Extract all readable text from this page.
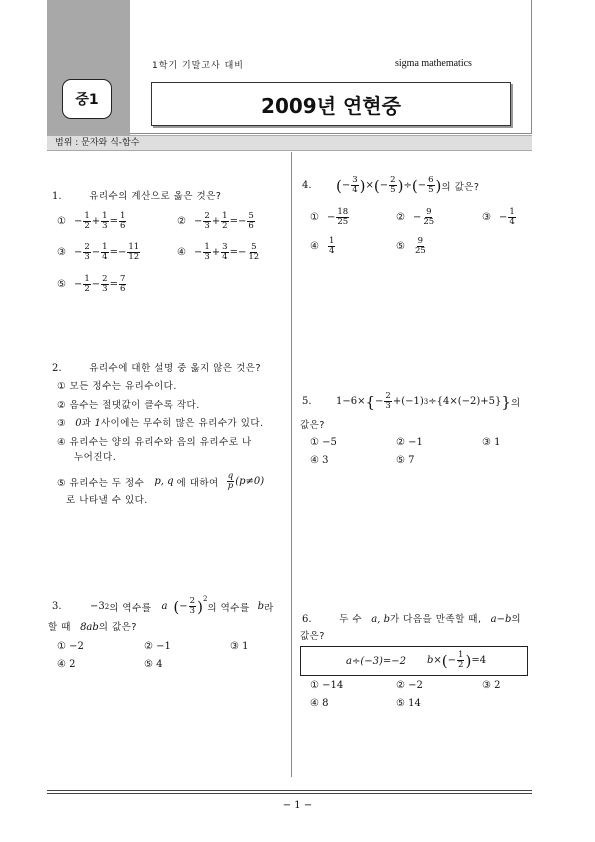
1학기 기말고사 대비	sigma mathematics
중1	2009년 연현중
범위 : 문자와 식-함수
1.	유리수의 계산으로 옳은 것은?
① − $\frac{1}{2} + \frac{1}{3} = \frac{1}{6}$	② − $\frac{2}{3} + \frac{1}{2} =- \frac{5}{6}$
③ − $\frac{2}{3} - \frac{1}{4} =- \frac{11}{12}$	④ − $\frac{1}{3} + \frac{3}{4} =- \frac{5}{12}$
⑤ − $\frac{1}{2} - \frac{2}{3} = \frac{7}{6}$
2.	유리수에 대한 설명 중 옳지 않은 것은?
① 모든 정수는 유리수이다.
② 음수는 절댓값이 클수록 작다.
③ 0과 1사이에는 무수히 많은 유리수가 있다.
④ 유리수는 양의 유리수와 음의 유리수로 나
누어진다.
⑤ 유리수는 두 정수 p, q 에 대하여 $\frac{q}{p} (p\ne 0)$
로 나타낼 수 있다.
3.	−3 2 의 역수를 a ( − $\frac{2}{3} )^2$
의 역수를 b 라
할 때 8ab의 값은?
① −2	② −1	③ 1
④ 2	⑤ 4
4.	( − $\frac{3}{4}$ ) × ( − $\frac{2}{5}$ ) ÷ ( − $\frac{6}{5}$ ) 의 값은?
① − $\frac{18}{25}$	② − $\frac{9}{25}$	③ − $\frac{1}{4}$
④ $\frac{1}{4}$	⑤ $\frac{9}{25}$
5.	1−6× { − $\frac{2}{3} +(-1)$ 3 ÷{4×(−2)+5} } 의
값은?
① −5	② −1	③ 1
④ 3	⑤ 7
6.	두 수 a, b가 다음을 만족할 때, a−b의
값은?
a÷(−3)=−2 b × ( − $\frac{1}{2}$ ) =4
① −14	② −2	③ 2
④ 8	⑤ 14
− 1 −
